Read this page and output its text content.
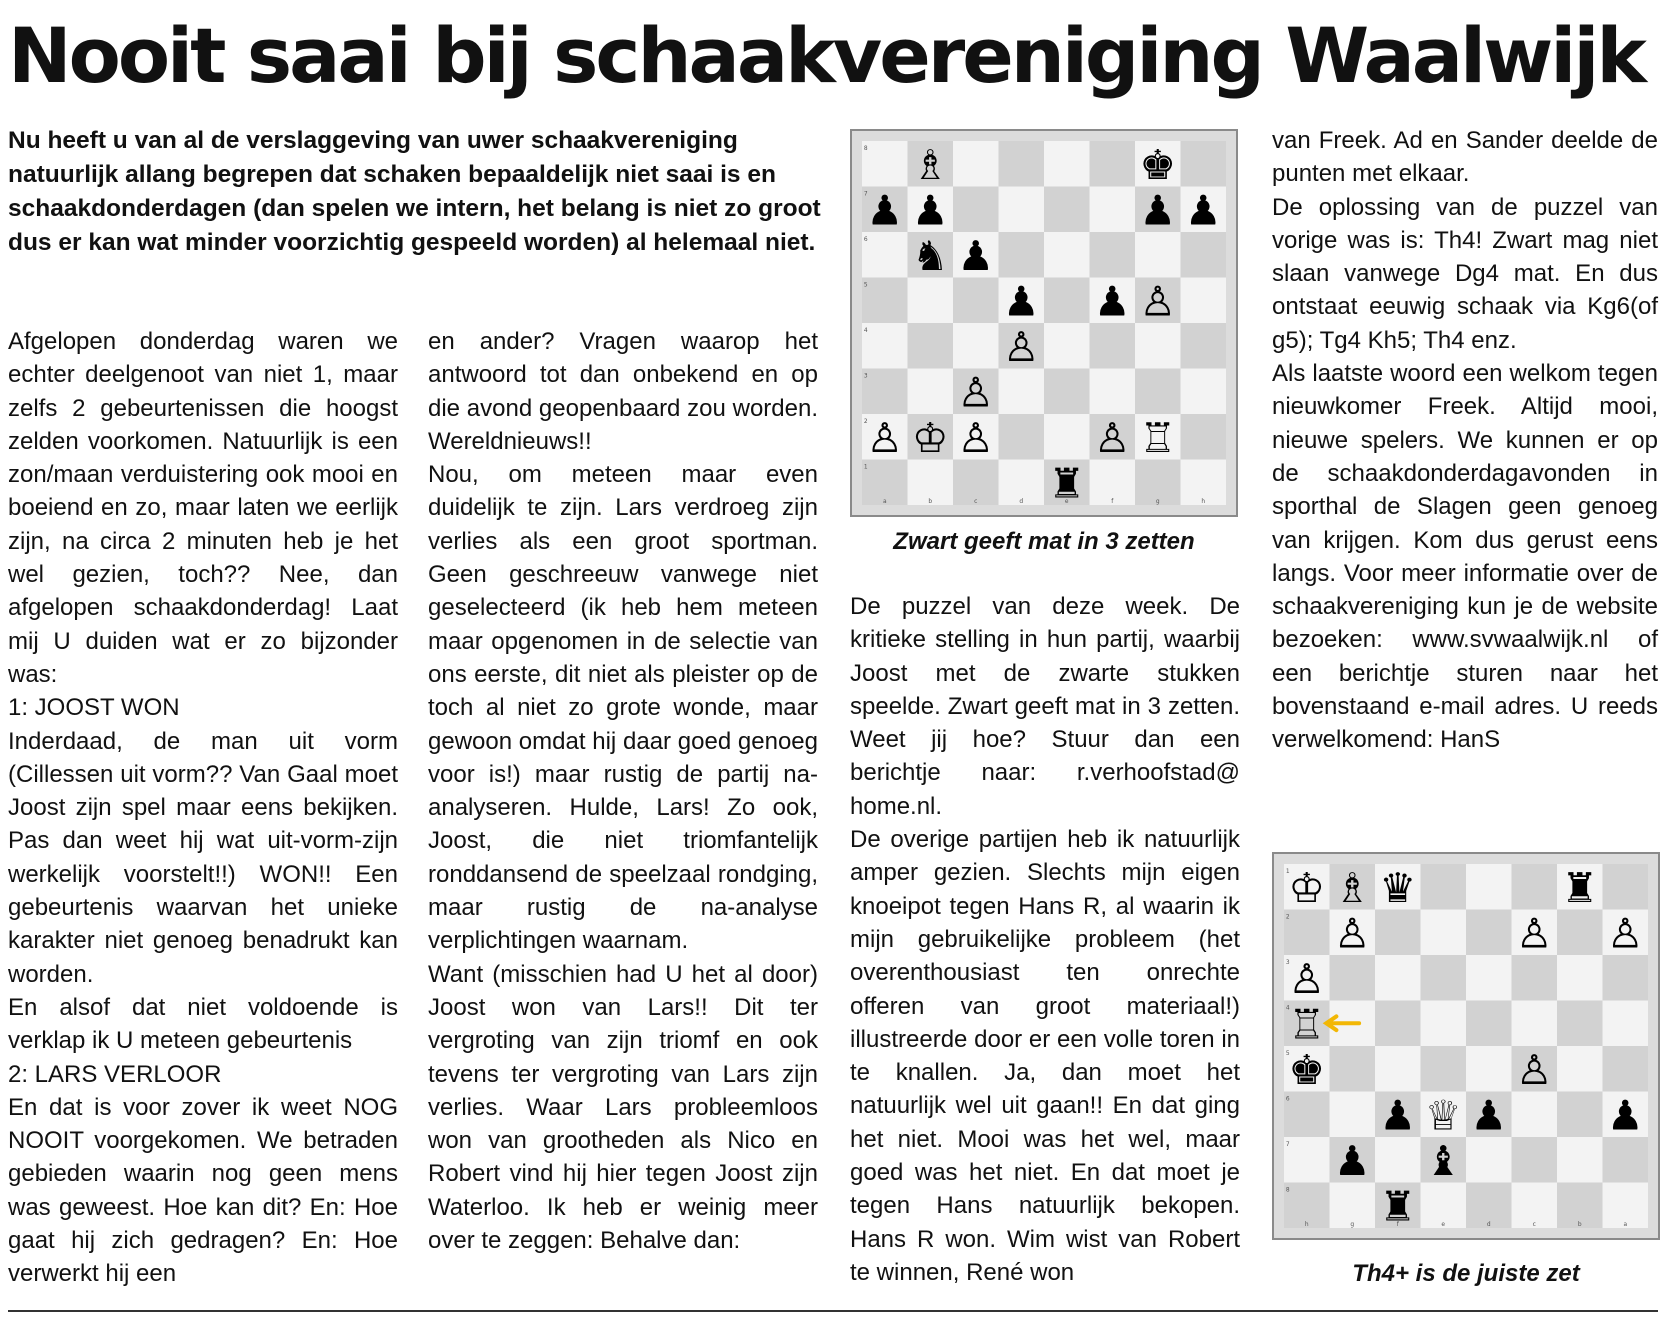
Nooit saai bij schaakvereniging Waalwijk

Nu heeft u van al de verslaggeving van uwer schaakvereniging natuurlijk allang begrepen dat schaken bepaaldelijk niet saai is en schaakdonderdagen (dan spelen we intern, het belang is niet zo groot dus er kan wat minder voorzichtig gespeeld worden) al helemaal niet.

Afgelopen donderdag waren we echter deelgenoot van niet 1, maar zelfs 2 gebeurtenissen die hoogst zelden voorkomen. Natuurlijk is een zon/maan verduistering ook mooi en boeiend en zo, maar laten we eerlijk zijn, na circa 2 minuten heb je het wel gezien, toch?? Nee, dan afgelopen schaakdonderdag! Laat mij U duiden wat er zo bijzonder was:

1: JOOST WON

Inderdaad, de man uit vorm (Cillessen uit vorm?? Van Gaal moet Joost zijn spel maar eens bekijken. Pas dan weet hij wat uit-vorm-zijn werkelijk voorstelt!!) WON!! Een gebeurtenis waarvan het unieke karakter niet genoeg benadrukt kan worden.

En alsof dat niet voldoende is verklap ik U meteen gebeurtenis

2: LARS VERLOOR

En dat is voor zover ik weet NOG NOOIT voorgekomen. We betraden gebieden waarin nog geen mens was geweest. Hoe kan dit? En: Hoe gaat hij zich gedragen? En: Hoe verwerkt hij een

en ander? Vragen waarop het antwoord tot dan onbekend en op die avond geopenbaard zou worden. Wereldnieuws!!

Nou, om meteen maar even duidelijk te zijn. Lars verdroeg zijn verlies als een groot sportman. Geen geschreeuw vanwege niet geselecteerd (ik heb hem meteen maar opgenomen in de selectie van ons eerste, dit niet als pleister op de toch al niet zo grote wonde, maar gewoon omdat hij daar goed genoeg voor is!) maar rustig de partij na-analyseren. Hulde, Lars! Zo ook, Joost, die niet triomfantelijk ronddansend de speelzaal rondging, maar rustig de na-analyse verplichtingen waarnam.

Want (misschien had U het al door) Joost won van Lars!! Dit ter vergroting van zijn triomf en ook tevens ter vergroting van Lars zijn verlies. Waar Lars probleemloos won van grootheden als Nico en Robert vind hij hier tegen Joost zijn Waterloo. Ik heb er weinig meer over te zeggen: Behalve dan:

Zwart geeft mat in 3 zetten

De puzzel van deze week. De kritieke stelling in hun partij, waarbij Joost met de zwarte stukken speelde. Zwart geeft mat in 3 zetten. Weet jij hoe? Stuur dan een berichtje naar: r.verhoofstad@ home.nl.

De overige partijen heb ik natuurlijk amper gezien. Slechts mijn eigen knoeipot tegen Hans R, al waarin ik mijn gebruikelijke probleem (het overenthousiast ten onrechte offeren van groot materiaal!) illustreerde door er een volle toren in te knallen. Ja, dan moet het natuurlijk wel uit gaan!! En dat ging het niet. Mooi was het wel, maar goed was het niet. En dat moet je tegen Hans natuurlijk bekopen. Hans R won. Wim wist van Robert te winnen, René won

van Freek. Ad en Sander deelde de punten met elkaar.

De oplossing van de puzzel van vorige was is: Th4! Zwart mag niet slaan vanwege Dg4 mat. En dus ontstaat eeuwig schaak via Kg6(of g5); Tg4 Kh5; Th4 enz.

Als laatste woord een welkom tegen nieuwkomer Freek. Altijd mooi, nieuwe spelers. We kunnen er op de schaakdonderdagavonden in sporthal de Slagen geen genoeg van krijgen. Kom dus gerust eens langs. Voor meer informatie over de schaakvereniging kun je de website bezoeken: www.svwaalwijk.nl of een berichtje sturen naar het bovenstaand e-mail adres. U reeds verwelkomend: HanS

Th4+ is de juiste zet
